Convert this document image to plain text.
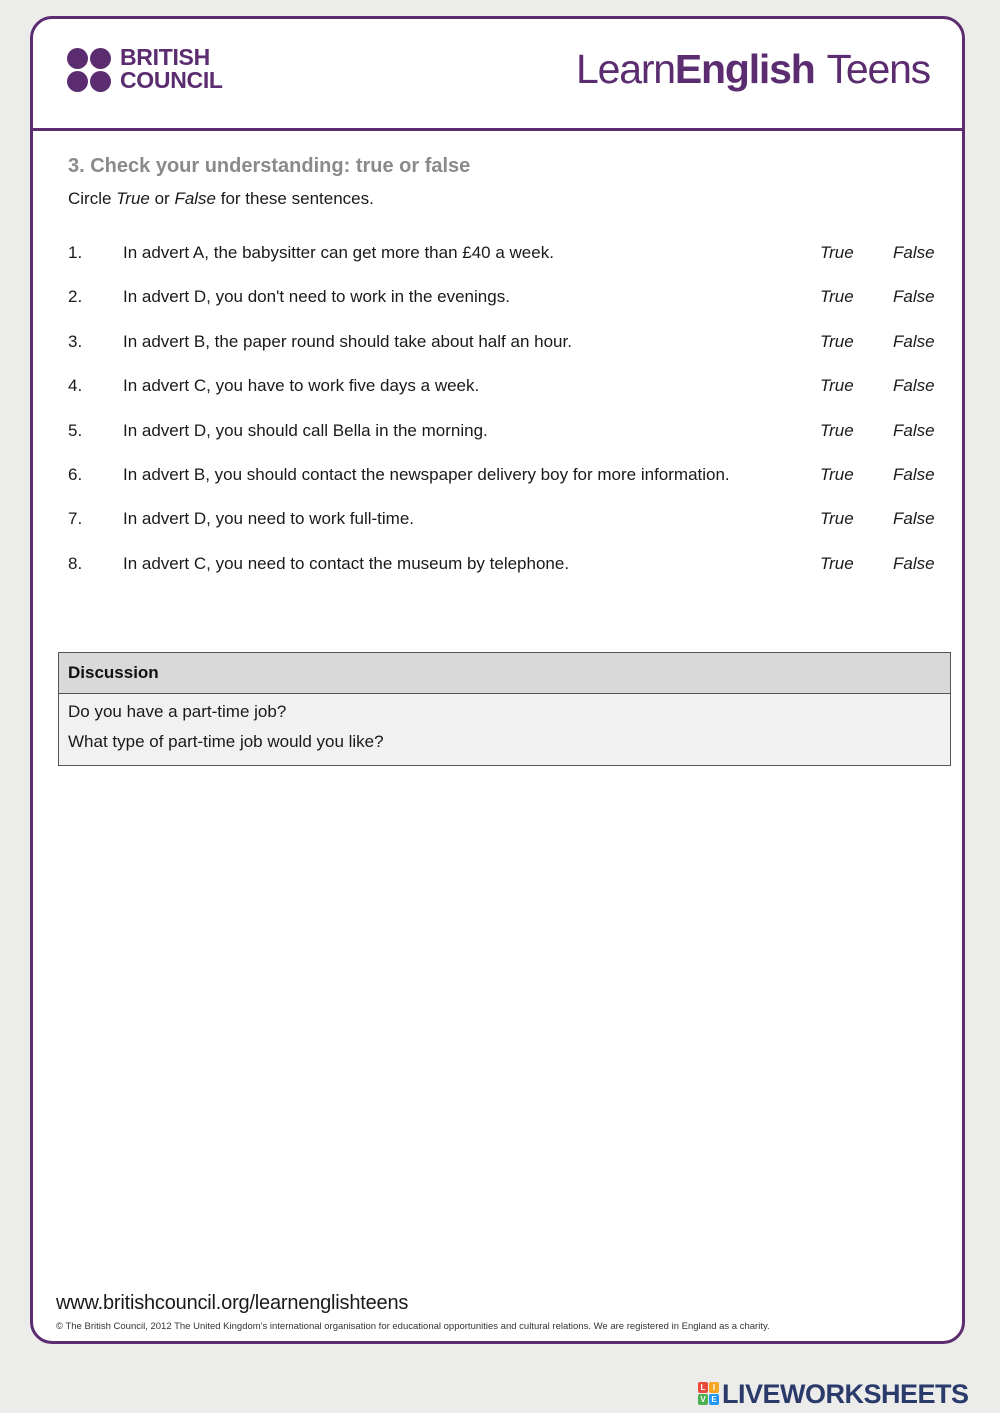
BRITISH
COUNCIL	LearnEnglish Teens
3. Check your understanding: true or false
Circle True or False for these sentences.
1. In advert A, the babysitter can get more than £40 a week.	True False
2. In advert D, you don't need to work in the evenings.	True False
3. In advert B, the paper round should take about half an hour.	True False
4. In advert C, you have to work five days a week.	True False
5. In advert D, you should call Bella in the morning.	True False
6. In advert B, you should contact the newspaper delivery boy for more information.	True False
7. In advert D, you need to work full-time.	True False
8. In advert C, you need to contact the museum by telephone.	True False
Discussion
Do you have a part-time job?
What type of part-time job would you like?
www.britishcouncil.org/learnenglishteens
© The British Council, 2012 The United Kingdom's international organisation for educational opportunities and cultural relations. We are registered in England as a charity.
L I
V E LIVEWORKSHEETS
